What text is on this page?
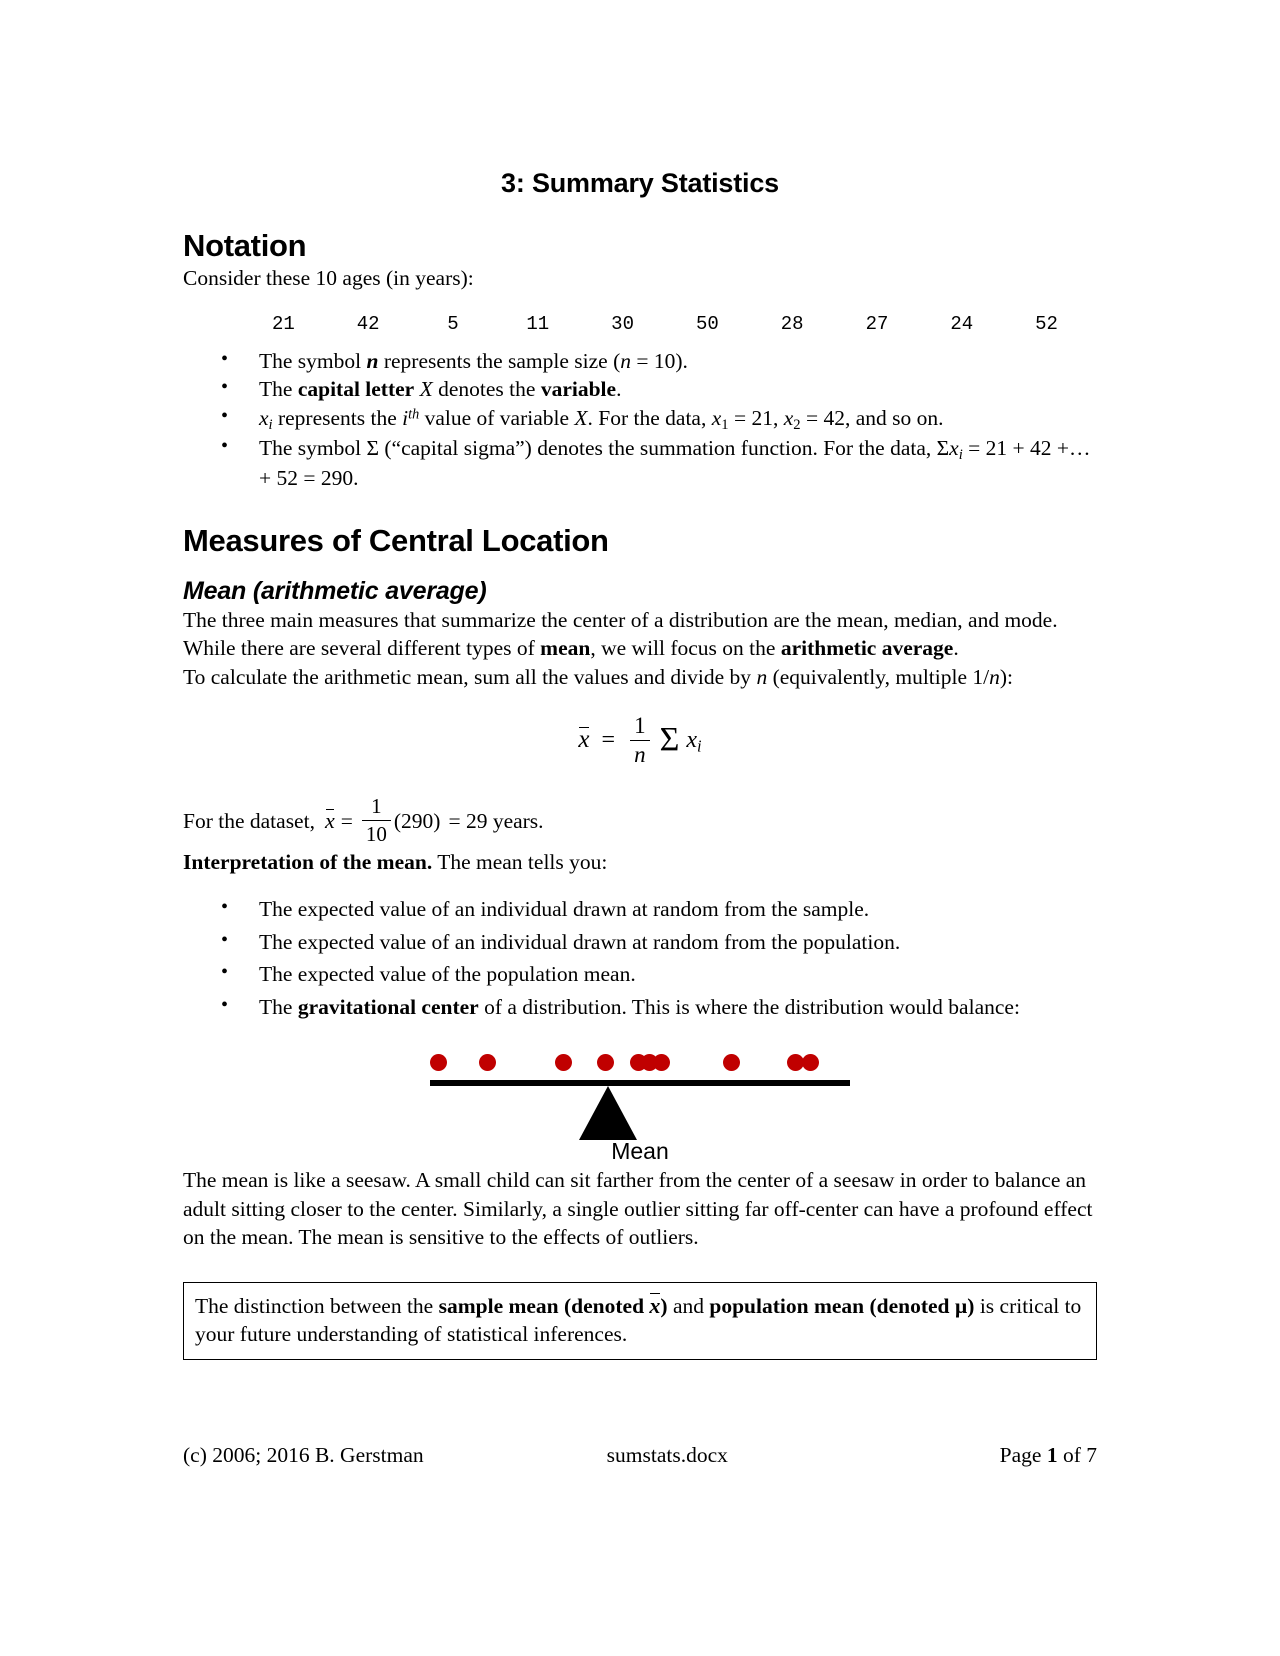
3: Summary Statistics
Notation

Consider these 10 ages (in years):

21	42	5	11	30	50	28	27	24	52
• The symbol n represents the sample size (n = 10).
• The capital letter X denotes the variable.
• $x_i$ represents the $i^{th}$ value of variable X. For the data, $x_1 = 21$, $x_2 = 42$, and so on.
• The symbol Σ (“capital sigma”) denotes the summation function. For the data, $\Sigma x_i = 21 + 42$ +…+ 52 = 290.
Measures of Central Location
Mean (arithmetic average)

The three main measures that summarize the center of a distribution are the mean, median, and mode. While there are several different types of mean, we will focus on the arithmetic average.

To calculate the arithmetic mean, sum all the values and divide by n (equivalently, multiple 1/n):

$x = \frac{1}{n}$ Σ $x_i$
For the dataset, $x = \frac{1}{10} (290) = 29$ years.

Interpretation of the mean. The mean tells you:

• The expected value of an individual drawn at random from the sample.
• The expected value of an individual drawn at random from the population.
• The expected value of the population mean.
• The gravitational center of a distribution. This is where the distribution would balance:
Mean

The mean is like a seesaw. A small child can sit farther from the center of a seesaw in order to balance an adult sitting closer to the center. Similarly, a single outlier sitting far off-center can have a profound effect on the mean. The mean is sensitive to the effects of outliers.

The distinction between the sample mean (denoted x) and population mean (denoted µ) is critical to your future understanding of statistical inferences.
(c) 2006; 2016 B. Gerstman	sumstats.docx	Page 1 of 7
